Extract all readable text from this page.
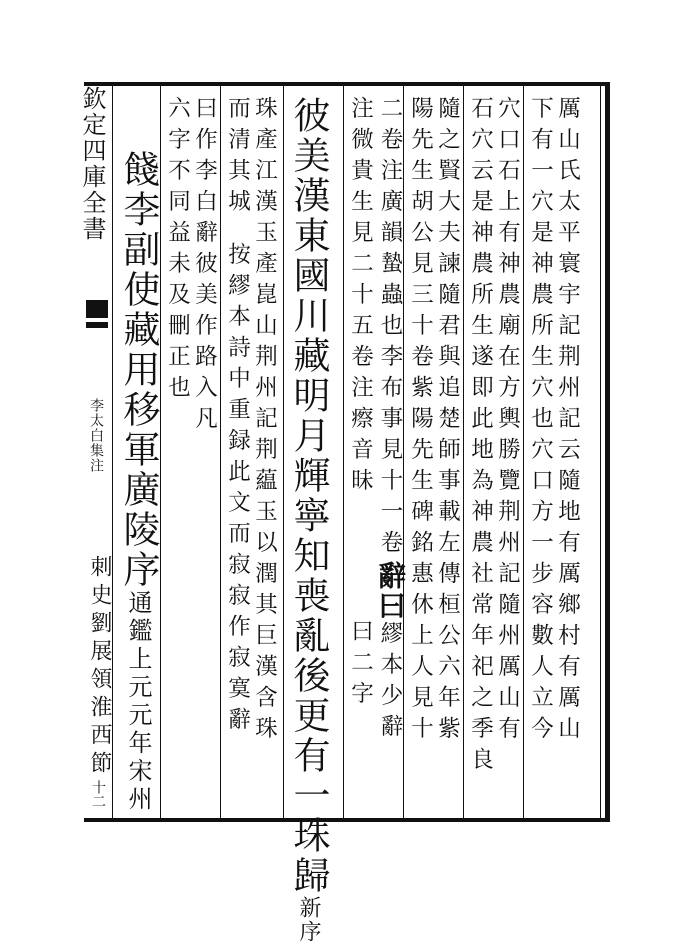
欽定四庫全書
李太白集注
十二
厲山氏太平寰宇記荆州記云隨地有厲鄉村有厲山
下有一穴是神農所生穴也穴口方一步容數人立今
穴口石上有神農廟在方輿勝覽荆州記隨州厲山有
石穴云是神農所生遂即此地為神農社常年祀之季良
隨之賢大夫諫隨君與追楚師事載左傳桓公六年紫
陽先生胡公見三十卷紫陽先生碑銘惠休上人見十
二卷注廣韻蟄蟲也李布事見十一卷辭曰繆本少辭
注微貴生見二十五卷注瘵音昧曰二字
彼美漢東國川藏明月輝寧知喪亂後更有一珠歸新序
珠產江漢玉產崑山荆州記荆藴玉以潤其巨漢含珠
而清其城按繆本詩中重録此文而寂寂作寂寞辭
曰作李白辭彼美作路入凡
六字不同益未及刪正也
餞李副使藏用移軍廣陵序通鑑上元元年宋州
刺史劉展領淮西節
